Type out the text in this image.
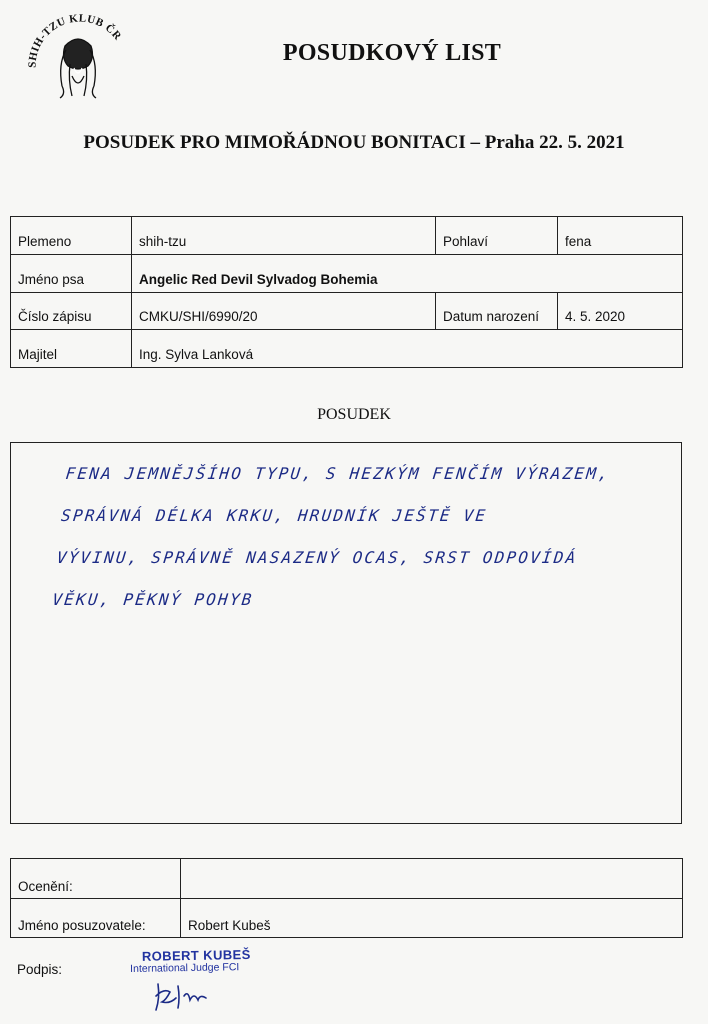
SHIH-TZU KLUB ČR
POSUDKOVÝ LIST
POSUDEK PRO MIMOŘÁDNOU BONITACI – Praha 22. 5. 2021
Plemeno	shih-tzu	Pohlaví	fena
Jméno psa	Angelic Red Devil Sylvadog Bohemia		
Číslo zápisu	CMKU/SHI/6990/20	Datum narození	4. 5. 2020
Majitel	Ing. Sylva Lanková		
POSUDEK
FENA JEMNĚJŠÍHO TYPU, S HEZKÝM FENČÍM VÝRAZEM,
SPRÁVNÁ DÉLKA KRKU, HRUDNÍK JEŠTĚ VE
VÝVINU, SPRÁVNĚ NASAZENÝ OCAS, SRST ODPOVÍDÁ
VĚKU, PĚKNÝ POHYB
Ocenění:	
Jméno posuzovatele:	Robert Kubeš
Podpis:
ROBERT KUBEŠ
International Judge FCI
